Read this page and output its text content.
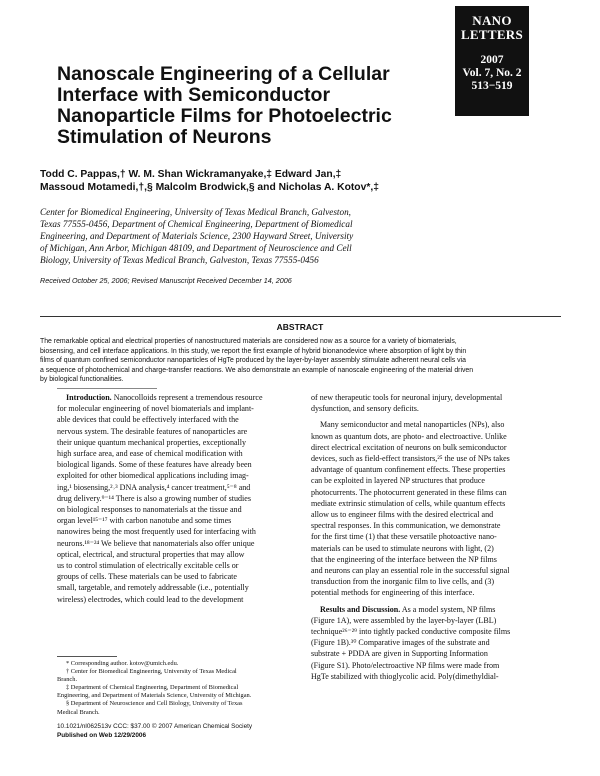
NANO
LETTERS
2007
Vol. 7, No. 2
513−519
Nanoscale Engineering of a Cellular
Interface with Semiconductor
Nanoparticle Films for Photoelectric
Stimulation of Neurons
Todd C. Pappas,† W. M. Shan Wickramanyake,‡ Edward Jan,‡
Massoud Motamedi,†,§ Malcolm Brodwick,§ and Nicholas A. Kotov*,‡
Center for Biomedical Engineering, University of Texas Medical Branch, Galveston,
Texas 77555-0456, Department of Chemical Engineering, Department of Biomedical
Engineering, and Department of Materials Science, 2300 Hayward Street, University
of Michigan, Ann Arbor, Michigan 48109, and Department of Neuroscience and Cell
Biology, University of Texas Medical Branch, Galveston, Texas 77555-0456
Received October 25, 2006; Revised Manuscript Received December 14, 2006
ABSTRACT
The remarkable optical and electrical properties of nanostructured materials are considered now as a source for a variety of biomaterials,
biosensing, and cell interface applications. In this study, we report the first example of hybrid bionanodevice where absorption of light by thin
films of quantum confined semiconductor nanoparticles of HgTe produced by the layer-by-layer assembly stimulate adherent neural cells via
a sequence of photochemical and charge-transfer reactions. We also demonstrate an example of nanoscale engineering of the material driven
by biological functionalities.
Introduction. Nanocolloids represent a tremendous resource
for molecular engineering of novel biomaterials and implant-
able devices that could be effectively interfaced with the
nervous system. The desirable features of nanoparticles are
their unique quantum mechanical properties, exceptionally
high surface area, and ease of chemical modification with
biological ligands. Some of these features have already been
exploited for other biomedical applications including imag-
ing,¹ biosensing,²˒³ DNA analysis,⁴ cancer treatment,⁵⁻⁸ and
drug delivery.⁹⁻¹⁴ There is also a growing number of studies
on biological responses to nanomaterials at the tissue and
organ level¹⁵⁻¹⁷ with carbon nanotube and some times
nanowires being the most frequently used for interfacing with
neurons.¹⁸⁻²⁴ We believe that nanomaterials also offer unique
optical, electrical, and structural properties that may allow
us to control stimulation of electrically excitable cells or
groups of cells. These materials can be used to fabricate
small, targetable, and remotely addressable (i.e., potentially
wireless) electrodes, which could lead to the development
of new therapeutic tools for neuronal injury, developmental
dysfunction, and sensory deficits.
Many semiconductor and metal nanoparticles (NPs), also
known as quantum dots, are photo- and electroactive. Unlike
direct electrical excitation of neurons on bulk semiconductor
devices, such as field-effect transistors,²⁵ the use of NPs takes
advantage of quantum confinement effects. These properties
can be exploited in layered NP structures that produce
photocurrents. The photocurrent generated in these films can
mediate extrinsic stimulation of cells, while quantum effects
allow us to engineer films with the desired electrical and
spectral responses. In this communication, we demonstrate
for the first time (1) that these versatile photoactive nano-
materials can be used to stimulate neurons with light, (2)
that the engineering of the interface between the NP films
and neurons can play an essential role in the successful signal
transduction from the inorganic film to live cells, and (3)
potential methods for engineering of this interface.
Results and Discussion. As a model system, NP films
(Figure 1A), were assembled by the layer-by-layer (LBL)
technique²⁶⁻²⁹ into tightly packed conductive composite films
(Figure 1B).³⁰ Comparative images of the substrate and
substrate + PDDA are given in Supporting Information
(Figure S1). Photo/electroactive NP films were made from
HgTe stabilized with thioglycolic acid. Poly(dimethyldial-
* Corresponding author. kotov@umich.edu.
† Center for Biomedical Engineering, University of Texas Medical
Branch.
‡ Department of Chemical Engineering, Department of Biomedical
Engineering, and Department of Materials Science, University of Michigan.
§ Department of Neuroscience and Cell Biology, University of Texas
Medical Branch.
10.1021/nl062513v CCC: $37.00 © 2007 American Chemical Society
Published on Web 12/29/2006
